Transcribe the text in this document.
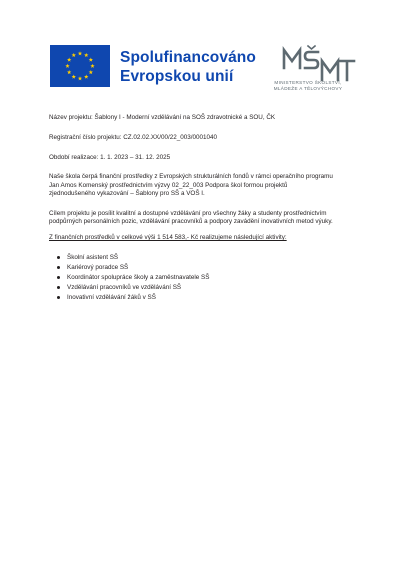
Spolufinancováno
Evropskou unií	MINISTERSTVO ŠKOLSTVÍ,
MLÁDEŽE A TĚLOVÝCHOVY

Název projektu: Šablony I - Moderní vzdělávání na SOŠ zdravotnické a SOU, ČK

Registrační číslo projektu: CZ.02.02.XX/00/22_003/0001040

Období realizace: 1. 1. 2023 – 31. 12. 2025

Naše škola čerpá finanční prostředky z Evropských strukturálních fondů v rámci operačního programu
Jan Amos Komenský prostřednictvím výzvy 02_22_003 Podpora škol formou projektů
zjednodušeného vykazování – Šablony pro SŠ a VOŠ I.

Cílem projektu je posílit kvalitní a dostupné vzdělávání pro všechny žáky a studenty prostřednictvím
podpůrných personálních pozic, vzdělávání pracovníků a podpory zavádění inovativních metod výuky.

Z finančních prostředků v celkové výši 1 514 583,- Kč realizujeme následující aktivity:
Školní asistent SŠ
Kariérový poradce SŠ
Koordinátor spolupráce školy a zaměstnavatele SŠ
Vzdělávání pracovníků ve vzdělávání SŠ
Inovativní vzdělávání žáků v SŠ
